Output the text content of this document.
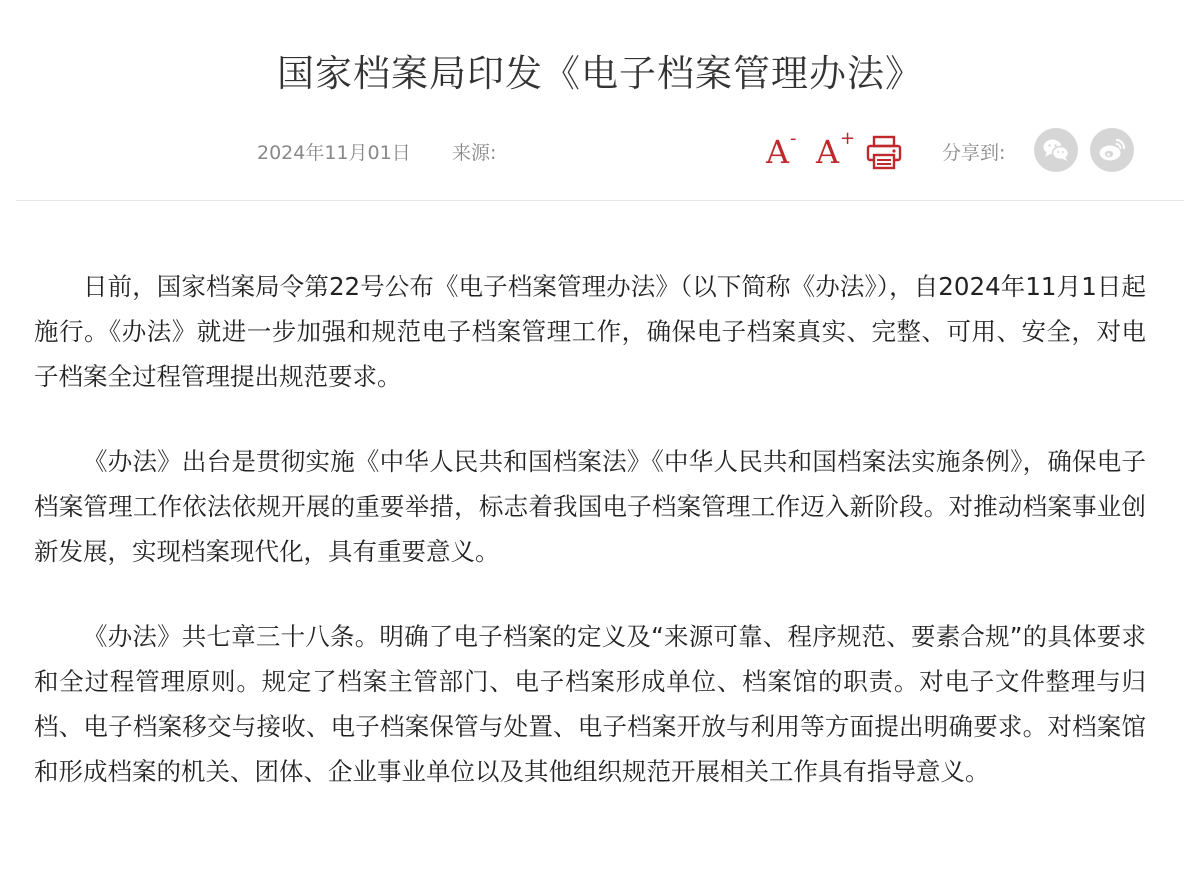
国家档案局印发《电子档案管理办法》
2024年11月01日 来源:	A - A +
分享到:

日前，国家档案局令第22号公布《电子档案管理办法》（以下简称《办法》），自2024年11月1日起施行。《办法》就进一步加强和规范电子档案管理工作，确保电子档案真实、完整、可用、安全，对电子档案全过程管理提出规范要求。

《办法》出台是贯彻实施《中华人民共和国档案法》《中华人民共和国档案法实施条例》，确保电子档案管理工作依法依规开展的重要举措，标志着我国电子档案管理工作迈入新阶段。对推动档案事业创新发展，实现档案现代化，具有重要意义。

《办法》共七章三十八条。明确了电子档案的定义及“来源可靠、程序规范、要素合规”的具体要求和全过程管理原则。规定了档案主管部门、电子档案形成单位、档案馆的职责。对电子文件整理与归档、电子档案移交与接收、电子档案保管与处置、电子档案开放与利用等方面提出明确要求。对档案馆和形成档案的机关、团体、企业事业单位以及其他组织规范开展相关工作具有指导意义。
